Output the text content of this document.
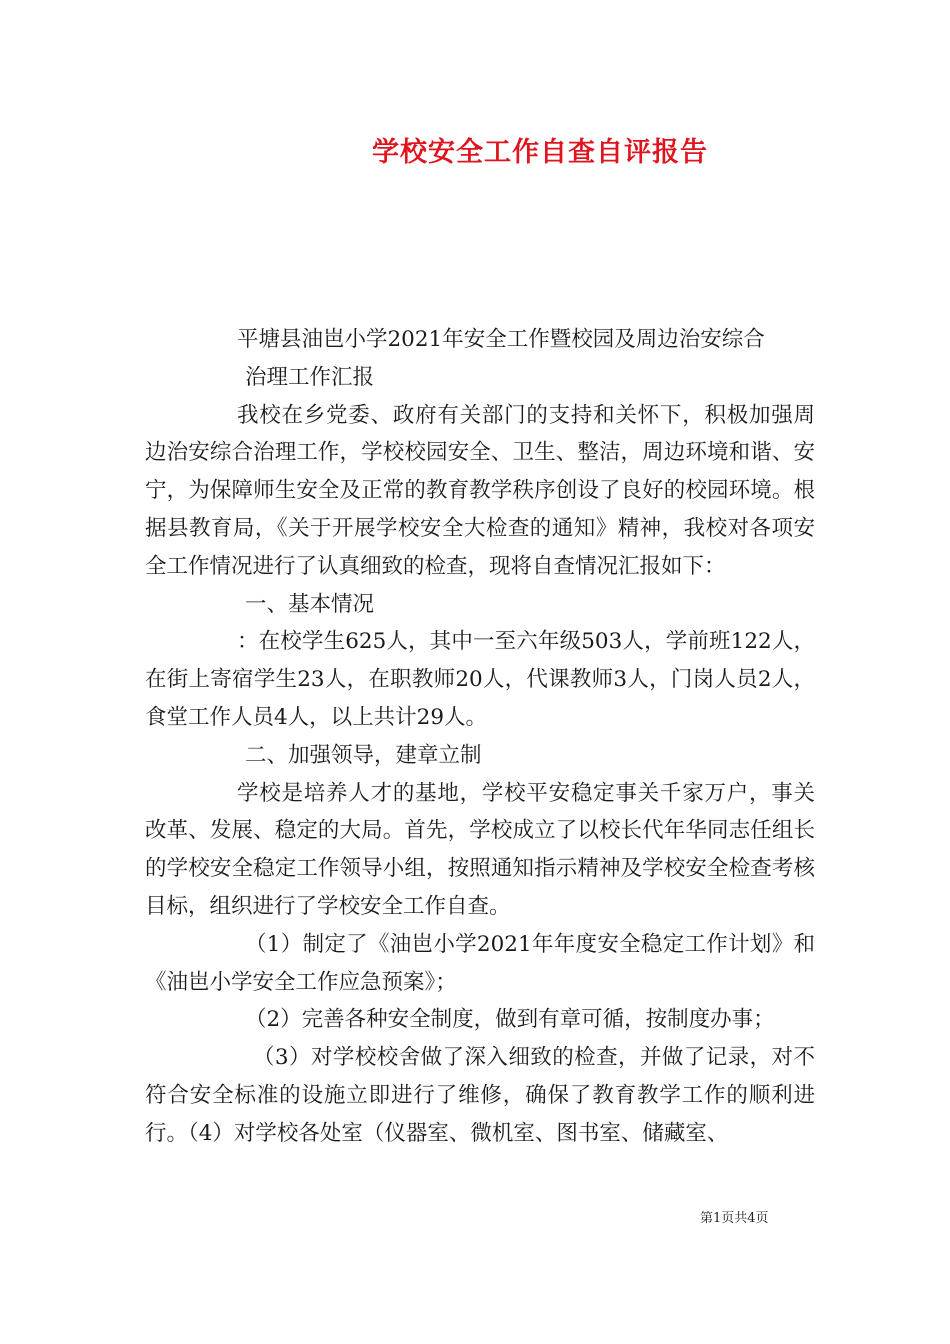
学校安全工作自查自评报告

平塘县油岜小学2021年安全工作暨校园及周边治安综合

治理工作汇报

我校在乡党委、政府有关部门的支持和关怀下，积极加强周边治安综合治理工作，学校校园安全、卫生、整洁，周边环境和谐、安宁，为保障师生安全及正常的教育教学秩序创设了良好的校园环境。根据县教育局，《关于开展学校安全大检查的通知》精神，我校对各项安全工作情况进行了认真细致的检查，现将自查情况汇报如下：

一、基本情况

：在校学生625人，其中一至六年级503人，学前班122人，在街上寄宿学生23人，在职教师20人，代课教师3人，门岗人员2人，食堂工作人员4人，以上共计29人。

二、加强领导，建章立制

学校是培养人才的基地，学校平安稳定事关千家万户，事关改革、发展、稳定的大局。首先，学校成立了以校长代年华同志任组长的学校安全稳定工作领导小组，按照通知指示精神及学校安全检查考核目标，组织进行了学校安全工作自查。

（1）制定了《油岜小学2021年年度安全稳定工作计划》和《油岜小学安全工作应急预案》；

（2）完善各种安全制度，做到有章可循，按制度办事；

（3）对学校校舍做了深入细致的检查，并做了记录，对不符合安全标准的设施立即进行了维修，确保了教育教学工作的顺利进行。（4）对学校各处室（仪器室、微机室、图书室、储藏室、

第1页共4页
